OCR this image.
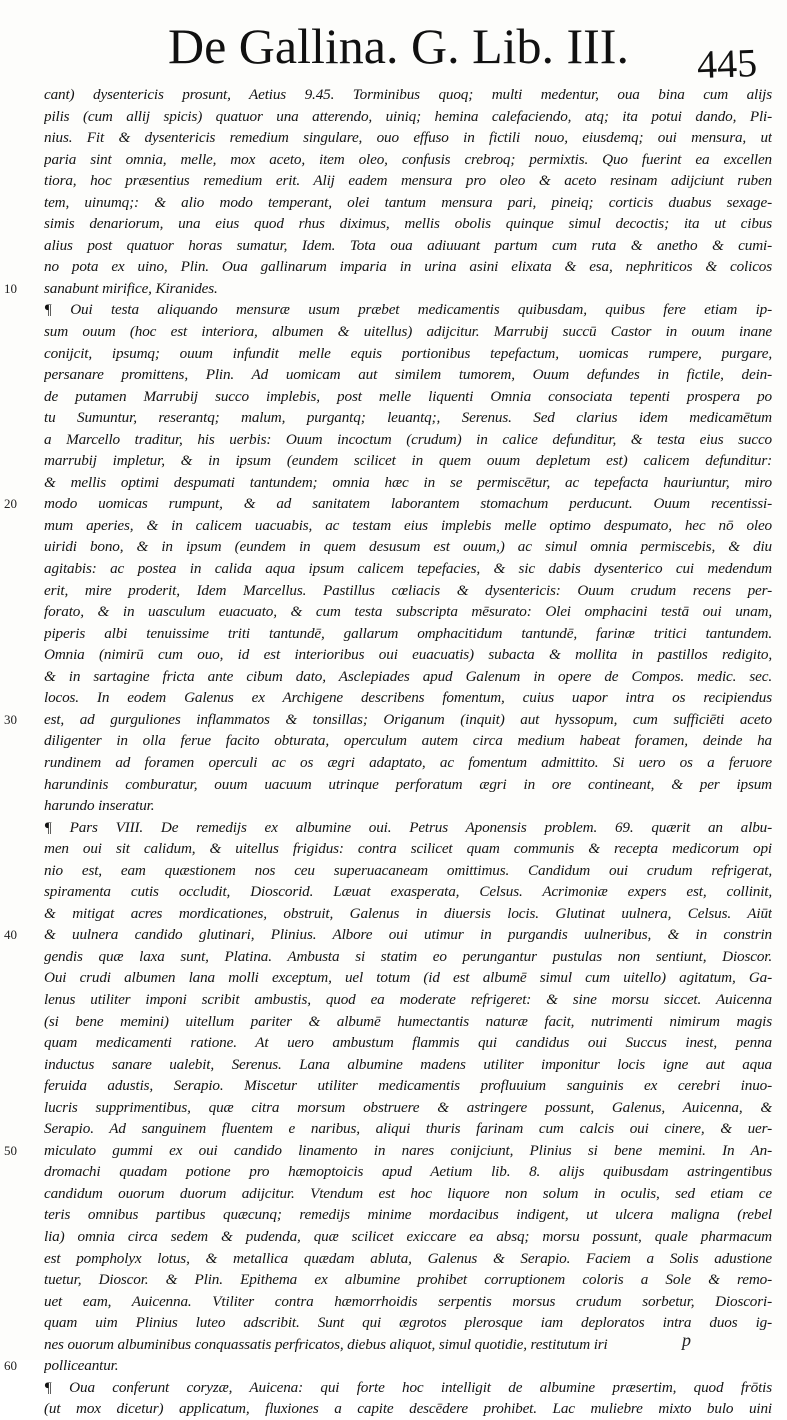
De Gallina. G. Lib. III. 445
10
20
30
40
50
60
cant) dysentericis prosunt, Aetius 9.45. Torminibus quoq; multi medentur, oua bina cum alijs
pilis (cum allij spicis) quatuor una atterendo, uiniq; hemina calefaciendo, atq; ita potui dando, Pli-
nius. Fit & dysentericis remedium singulare, ouo effuso in fictili nouo, eiusdemq; oui mensura, ut
paria sint omnia, melle, mox aceto, item oleo, confusis crebroq; permixtis. Quo fuerint ea excellen
tiora, hoc præsentius remedium erit. Alij eadem mensura pro oleo & aceto resinam adijciunt ruben
tem, uinumq;: & alio modo temperant, olei tantum mensura pari, pineiq; corticis duabus sexage-
simis denariorum, una eius quod rhus diximus, mellis obolis quinque simul decoctis; ita ut cibus
alius post quatuor horas sumatur, Idem. Tota oua adiuuant partum cum ruta & anetho & cumi-
no pota ex uino, Plin. Oua gallinarum imparia in urina asini elixata & esa, nephriticos & colicos
sanabunt mirifice, Kiranides.
¶ Oui testa aliquando mensuræ usum præbet medicamentis quibusdam, quibus fere etiam ip-
sum ouum (hoc est interiora, albumen & uitellus) adijcitur. Marrubij succū Castor in ouum inane
conijcit, ipsumq; ouum infundit melle equis portionibus tepefactum, uomicas rumpere, purgare,
persanare promittens, Plin. Ad uomicam aut similem tumorem, Ouum defundes in fictile, dein-
de putamen Marrubij succo implebis, post melle liquenti Omnia consociata tepenti prospera po
tu Sumuntur, reserantq; malum, purgantq; leuantq;, Serenus. Sed clarius idem medicamētum
a Marcello traditur, his uerbis: Ouum incoctum (crudum) in calice defunditur, & testa eius succo
marrubij impletur, & in ipsum (eundem scilicet in quem ouum depletum est) calicem defunditur:
& mellis optimi despumati tantundem; omnia hæc in se permiscētur, ac tepefacta hauriuntur, miro
modo uomicas rumpunt, & ad sanitatem laborantem stomachum perducunt. Ouum recentissi-
mum aperies, & in calicem uacuabis, ac testam eius implebis melle optimo despumato, hec nō oleo
uiridi bono, & in ipsum (eundem in quem desusum est ouum,) ac simul omnia permiscebis, & diu
agitabis: ac postea in calida aqua ipsum calicem tepefacies, & sic dabis dysenterico cui medendum
erit, mire proderit, Idem Marcellus. Pastillus cœliacis & dysentericis: Ouum crudum recens per-
forato, & in uasculum euacuato, & cum testa subscripta mēsurato: Olei omphacini testā oui unam,
piperis albi tenuissime triti tantundē, gallarum omphacitidum tantundē, farinæ tritici tantundem.
Omnia (nimirū cum ouo, id est interioribus oui euacuatis) subacta & mollita in pastillos redigito,
& in sartagine fricta ante cibum dato, Asclepiades apud Galenum in opere de Compos. medic. sec.
locos. In eodem Galenus ex Archigene describens fomentum, cuius uapor intra os recipiendus
est, ad gurguliones inflammatos & tonsillas; Origanum (inquit) aut hyssopum, cum sufficiēti aceto
diligenter in olla ferue facito obturata, operculum autem circa medium habeat foramen, deinde ha
rundinem ad foramen operculi ac os ægri adaptato, ac fomentum admittito. Si uero os a feruore
harundinis comburatur, ouum uacuum utrinque perforatum ægri in ore contineant, & per ipsum
harundo inseratur.
¶ Pars VIII. De remedijs ex albumine oui. Petrus Aponensis problem. 69. quærit an albu-
men oui sit calidum, & uitellus frigidus: contra scilicet quam communis & recepta medicorum opi
nio est, eam quæstionem nos ceu superuacaneam omittimus. Candidum oui crudum refrigerat,
spiramenta cutis occludit, Dioscorid. Læuat exasperata, Celsus. Acrimoniæ expers est, collinit,
& mitigat acres mordicationes, obstruit, Galenus in diuersis locis. Glutinat uulnera, Celsus. Aiūt
& uulnera candido glutinari, Plinius. Albore oui utimur in purgandis uulneribus, & in constrin
gendis quæ laxa sunt, Platina. Ambusta si statim eo perungantur pustulas non sentiunt, Dioscor.
Oui crudi albumen lana molli exceptum, uel totum (id est albumē simul cum uitello) agitatum, Ga-
lenus utiliter imponi scribit ambustis, quod ea moderate refrigeret: & sine morsu siccet. Auicenna
(si bene memini) uitellum pariter & albumē humectantis naturæ facit, nutrimenti nimirum magis
quam medicamenti ratione. At uero ambustum flammis qui candidus oui Succus inest, penna
inductus sanare ualebit, Serenus. Lana albumine madens utiliter imponitur locis igne aut aqua
feruida adustis, Serapio. Miscetur utiliter medicamentis profluuium sanguinis ex cerebri inuo-
lucris supprimentibus, quæ citra morsum obstruere & astringere possunt, Galenus, Auicenna, &
Serapio. Ad sanguinem fluentem e naribus, aliqui thuris farinam cum calcis oui cinere, & uer-
miculato gummi ex oui candido linamento in nares conijciunt, Plinius si bene memini. In An-
dromachi quadam potione pro hæmoptoicis apud Aetium lib. 8. alijs quibusdam astringentibus
candidum ouorum duorum adijcitur. Vtendum est hoc liquore non solum in oculis, sed etiam ce
teris omnibus partibus quæcunq; remedijs minime mordacibus indigent, ut ulcera maligna (rebel
lia) omnia circa sedem & pudenda, quæ scilicet exiccare ea absq; morsu possunt, quale pharmacum
est pompholyx lotus, & metallica quædam abluta, Galenus & Serapio. Faciem a Solis adustione
tuetur, Dioscor. & Plin. Epithema ex albumine prohibet corruptionem coloris a Sole & remo-
uet eam, Auicenna. Vtiliter contra hæmorrhoidis serpentis morsus crudum sorbetur, Dioscori-
quam uim Plinius luteo adscribit. Sunt qui ægrotos plerosque iam deploratos intra duos ig-
nes ouorum albuminibus conquassatis perfricatos, diebus aliquot, simul quotidie, restitutum iri
polliceantur.
¶ Oua conferunt coryzæ, Auicena: qui forte hoc intelligit de albumine præsertim, quod frōtis
(ut mox dicetur) applicatum, fluxiones a capite descēdere prohibet. Lac muliebre mixto bulo uini
p
